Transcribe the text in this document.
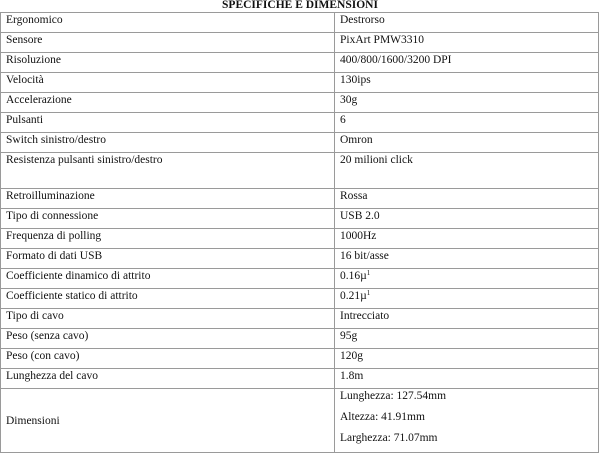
SPECIFICHE E DIMENSIONI
Ergonomico	Destrorso
Sensore	PixArt PMW3310
Risoluzione	400/800/1600/3200 DPI
Velocità	130ips
Accelerazione	30g
Pulsanti	6
Switch sinistro/destro	Omron
Resistenza pulsanti sinistro/destro	20 milioni click
Retroilluminazione	Rossa
Tipo di connessione	USB 2.0
Frequenza di polling	1000Hz
Formato di dati USB	16 bit/asse
Coefficiente dinamico di attrito	0.16µ$^1$
Coefficiente statico di attrito	0.21µ$^1$
Tipo di cavo	Intrecciato
Peso (senza cavo)	95g
Peso (con cavo)	120g
Lunghezza del cavo	1.8m
Dimensioni	Lunghezza: 127.54mm
Altezza: 41.91mm
Larghezza: 71.07mm
